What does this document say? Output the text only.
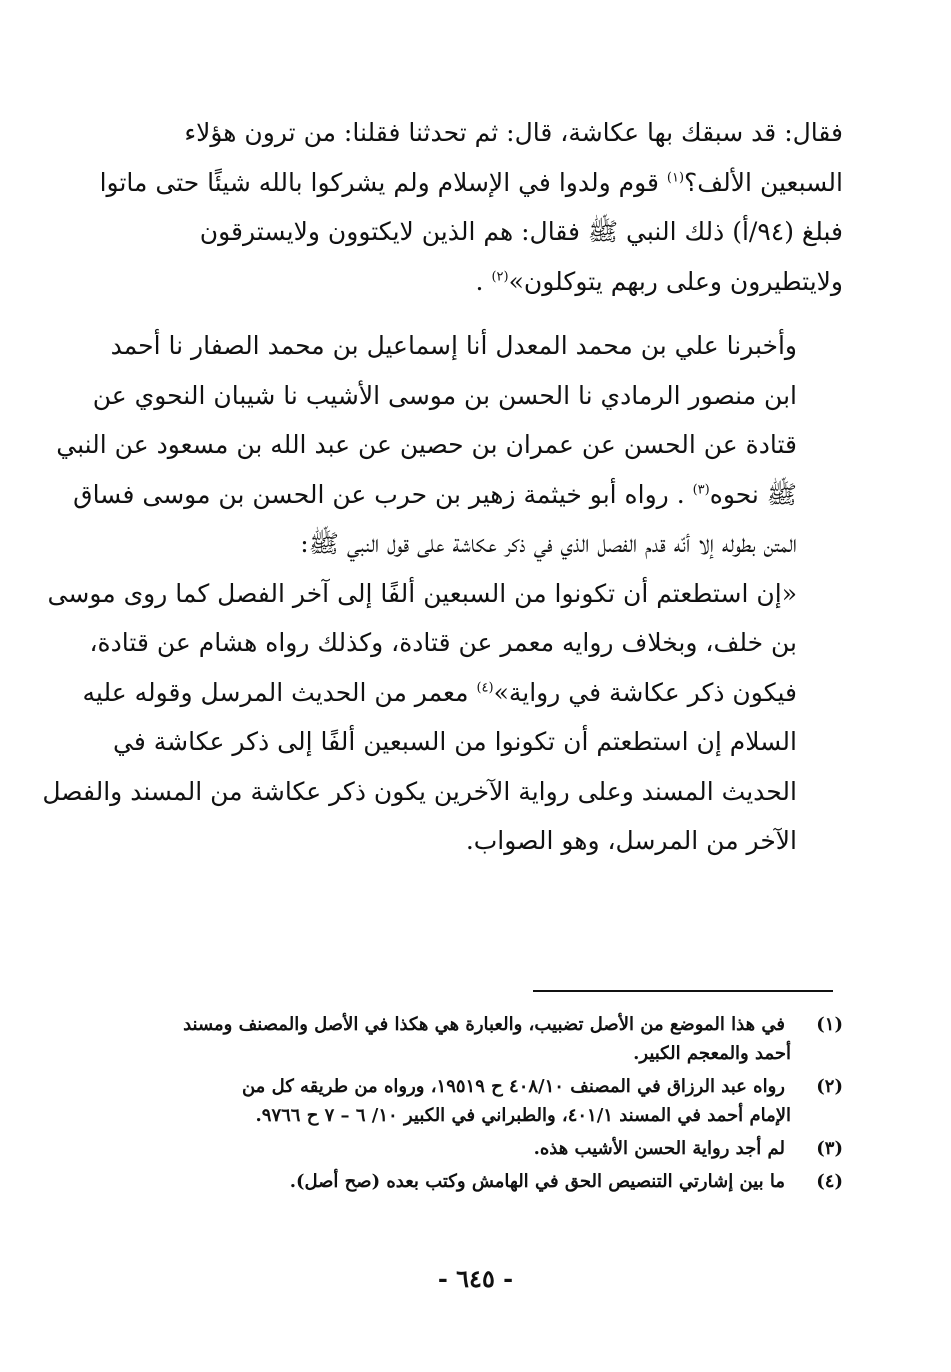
فقال: قد سبقك بها عكاشة، قال: ثم تحدثنا فقلنا: من ترون هؤلاء
السبعين الألف؟$^{(١)}$ قوم ولدوا في الإسلام ولم يشركوا بالله شيئًا حتى ماتوا
فبلغ (٩٤/أ) ذلك النبي ﷺ فقال: هم الذين لايكتوون ولايسترقون
ولايتطيرون وعلى ربهم يتوكلون»$^{(٢)}$ .

وأخبرنا علي بن محمد المعدل أنا إسماعيل بن محمد الصفار نا أحمد
ابن منصور الرمادي نا الحسن بن موسى الأشيب نا شيبان النحوي عن
قتادة عن الحسن عن عمران بن حصين عن عبد الله بن مسعود عن النبي
ﷺ نحوه$^{(٣)}$ . رواه أبو خيثمة زهير بن حرب عن الحسن بن موسى فساق
المتن بطوله إلا أنّه قدم الفصل الذي في ذكر عكاشة على قول النبي ﷺ:
«إن استطعتم أن تكونوا من السبعين ألفًا إلى آخر الفصل كما روى موسى
بن خلف، وبخلاف روايه معمر عن قتادة، وكذلك رواه هشام عن قتادة،
فيكون ذكر عكاشة في رواية»$^{(٤)}$ معمر من الحديث المرسل وقوله عليه
السلام إن استطعتم أن تكونوا من السبعين ألفًا إلى ذكر عكاشة في
الحديث المسند وعلى رواية الآخرين يكون ذكر عكاشة من المسند والفصل
الآخر من المرسل، وهو الصواب.

(١)
في هذا الموضع من الأصل تضبيب، والعبارة هي هكذا في الأصل والمصنف ومسند
أحمد والمعجم الكبير.
(٢)
رواه عبد الرزاق في المصنف ٤٠٨/١٠ ح ١٩٥١٩، ورواه من طريقه كل من
الإمام أحمد في المسند ٤٠١/١، والطبراني في الكبير ١٠/ ٦ – ٧ ح ٩٧٦٦.
(٣)
لم أجد رواية الحسن الأشيب هذه.
(٤)
ما بين إشارتي التنصيص الحق في الهامش وكتب بعده (صح أصل).
- ٦٤٥ -
